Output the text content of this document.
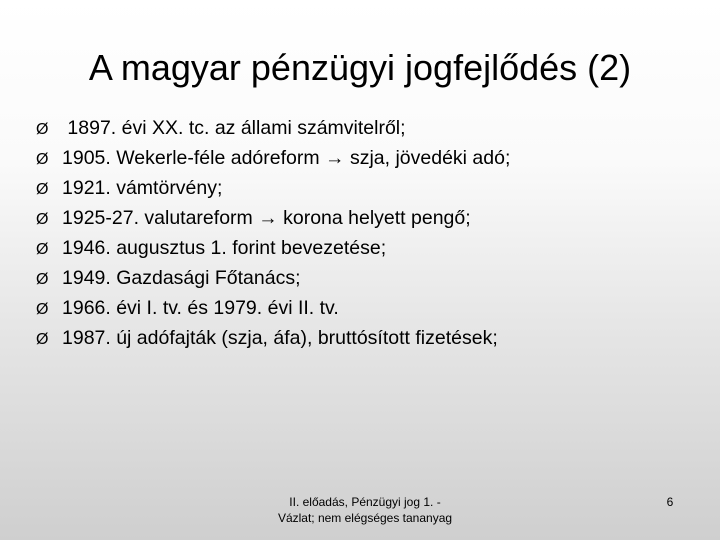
A magyar pénzügyi jogfejlődés (2)
Ø 1897. évi XX. tc. az állami számvitelről;
Ø 1905. Wekerle-féle adóreform → szja, jövedéki adó;
Ø 1921. vámtörvény;
Ø 1925-27. valutareform → korona helyett pengő;
Ø 1946. augusztus 1. forint bevezetése;
Ø 1949. Gazdasági Főtanács;
Ø 1966. évi I. tv. és 1979. évi II. tv.
Ø 1987. új adófajták (szja, áfa), bruttósított fizetések;
II. előadás, Pénzügyi jog 1. -
Vázlat; nem elégséges tananyag
6
